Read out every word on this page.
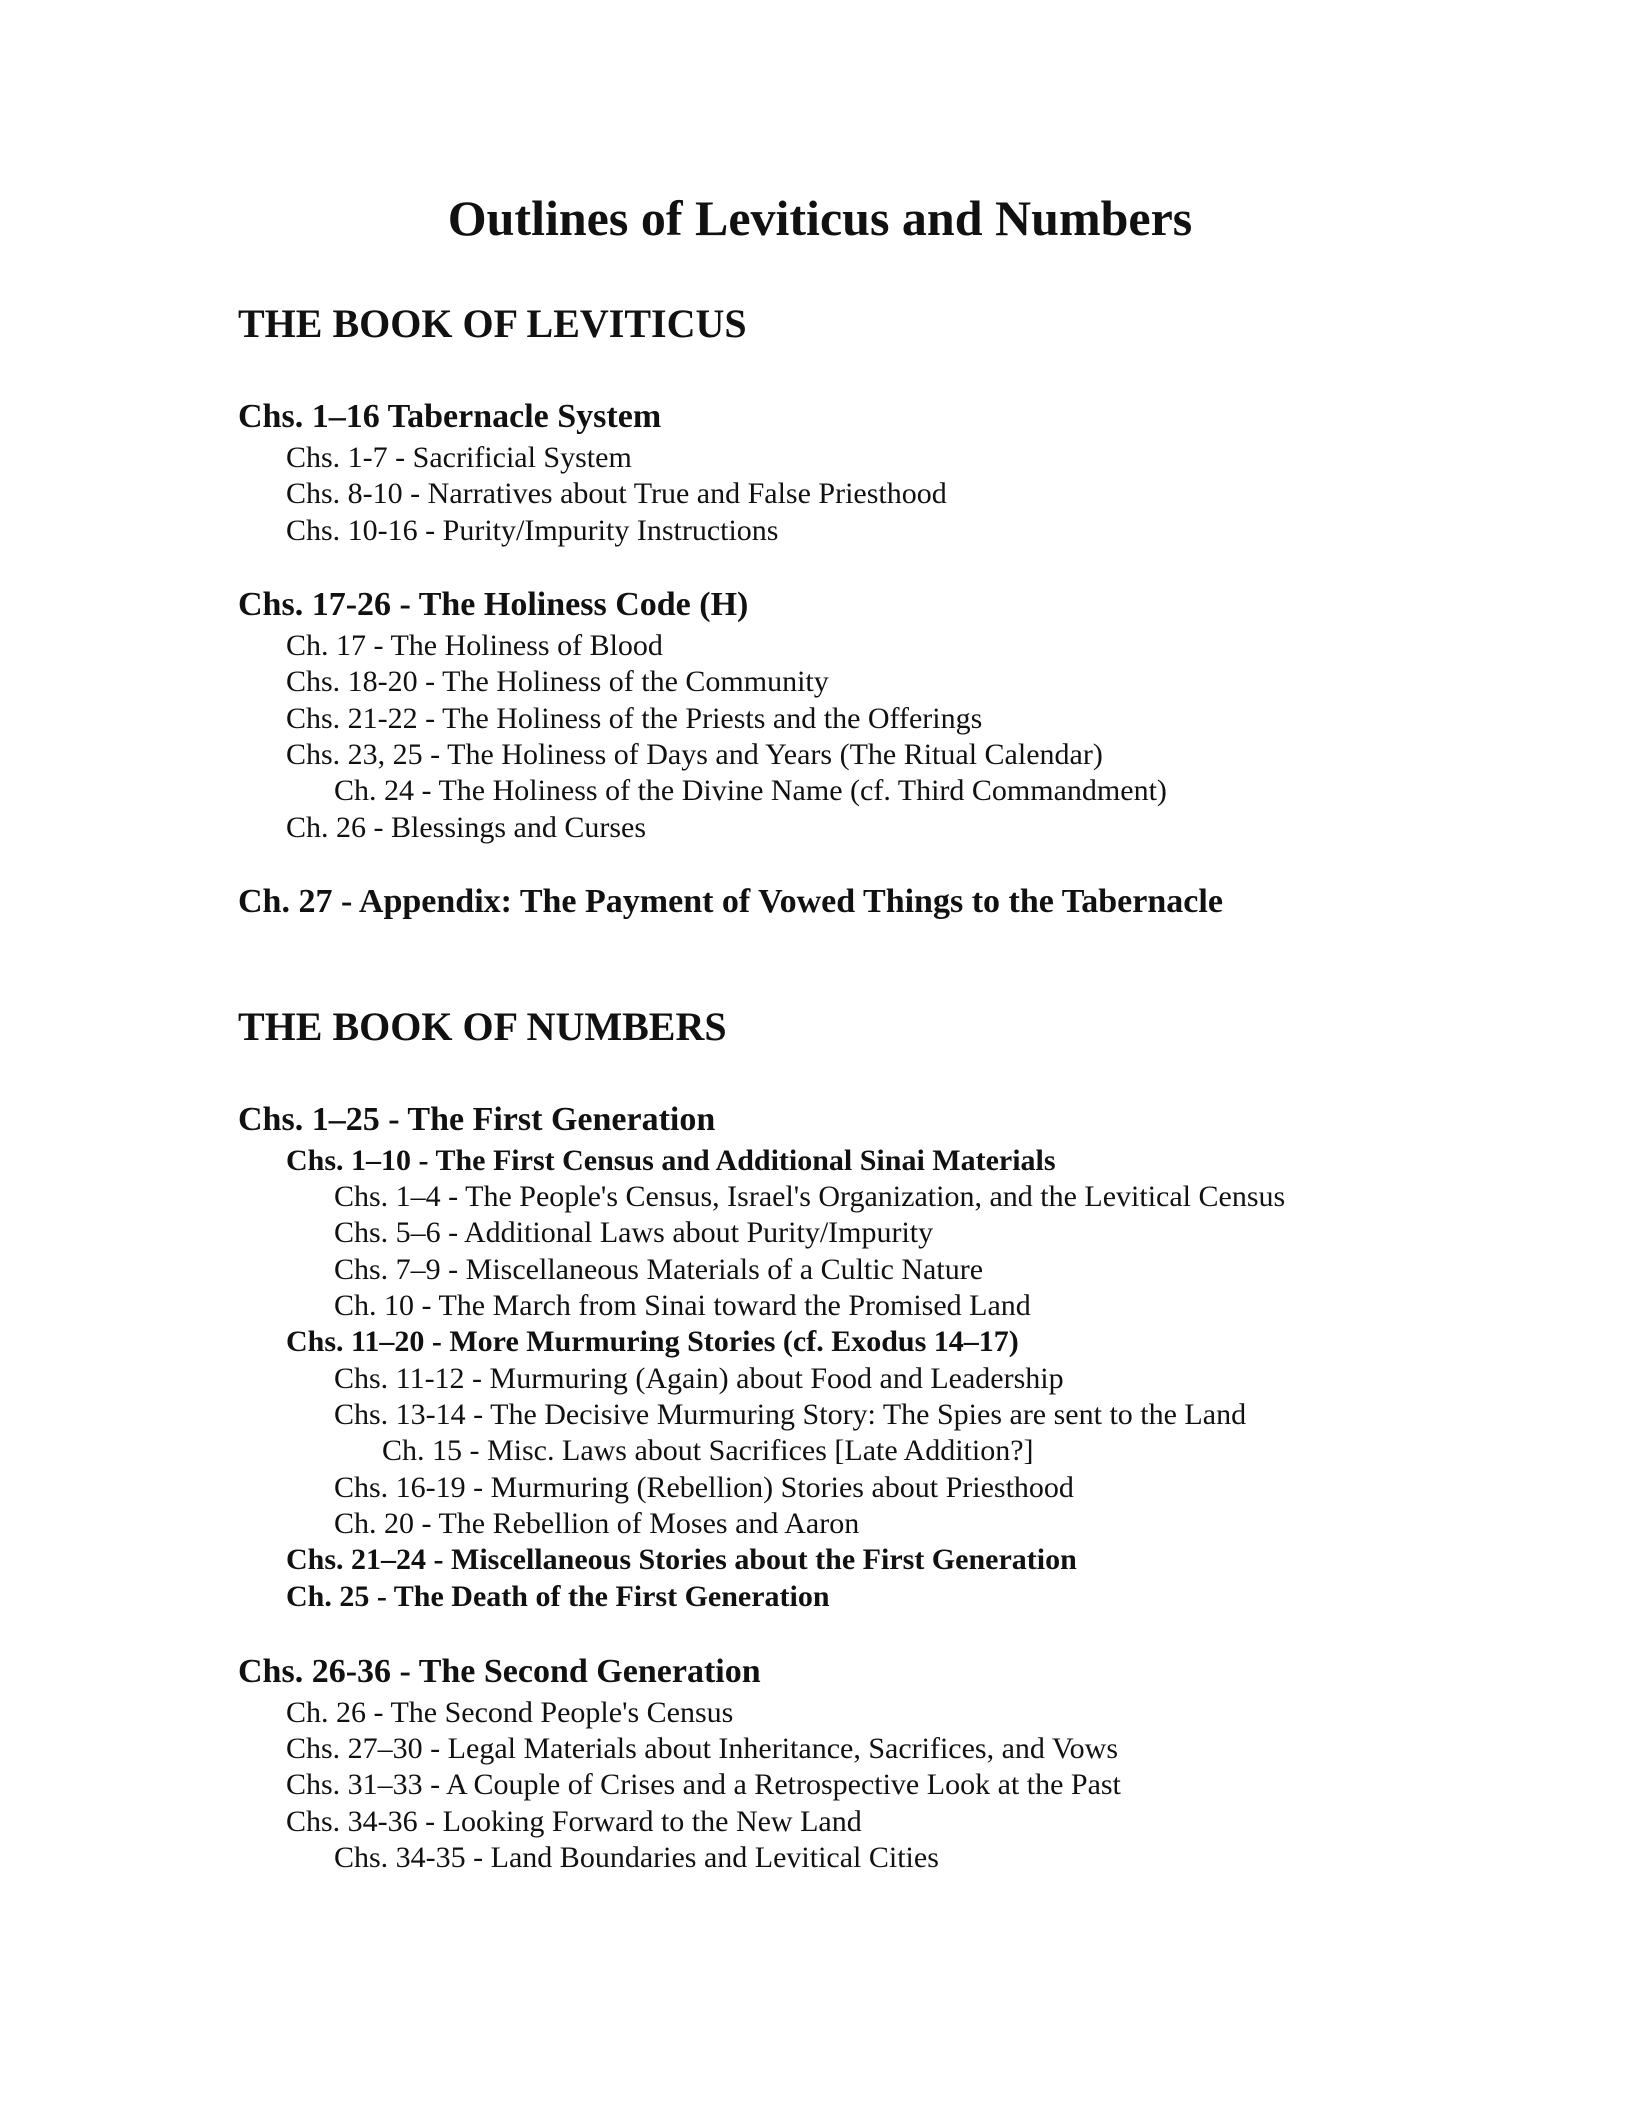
Outlines of Leviticus and Numbers
THE BOOK OF LEVITICUS
Chs. 1–16 Tabernacle System
Chs. 1-7 - Sacrificial System
Chs. 8-10 - Narratives about True and False Priesthood
Chs. 10-16 - Purity/Impurity Instructions
Chs. 17-26 - The Holiness Code (H)
Ch. 17 - The Holiness of Blood
Chs. 18-20 - The Holiness of the Community
Chs. 21-22 - The Holiness of the Priests and the Offerings
Chs. 23, 25 - The Holiness of Days and Years (The Ritual Calendar)
Ch. 24 - The Holiness of the Divine Name (cf. Third Commandment)
Ch. 26 - Blessings and Curses
Ch. 27 - Appendix: The Payment of Vowed Things to the Tabernacle
THE BOOK OF NUMBERS
Chs. 1–25 - The First Generation
Chs. 1–10 - The First Census and Additional Sinai Materials
Chs. 1–4 - The People's Census, Israel's Organization, and the Levitical Census
Chs. 5–6 - Additional Laws about Purity/Impurity
Chs. 7–9 - Miscellaneous Materials of a Cultic Nature
Ch. 10 - The March from Sinai toward the Promised Land
Chs. 11–20 - More Murmuring Stories (cf. Exodus 14–17)
Chs. 11-12 - Murmuring (Again) about Food and Leadership
Chs. 13-14 - The Decisive Murmuring Story: The Spies are sent to the Land
Ch. 15 - Misc. Laws about Sacrifices [Late Addition?]
Chs. 16-19 - Murmuring (Rebellion) Stories about Priesthood
Ch. 20 - The Rebellion of Moses and Aaron
Chs. 21–24 - Miscellaneous Stories about the First Generation
Ch. 25 - The Death of the First Generation
Chs. 26-36 - The Second Generation
Ch. 26 - The Second People's Census
Chs. 27–30 - Legal Materials about Inheritance, Sacrifices, and Vows
Chs. 31–33 - A Couple of Crises and a Retrospective Look at the Past
Chs. 34-36 - Looking Forward to the New Land
Chs. 34-35 - Land Boundaries and Levitical Cities
